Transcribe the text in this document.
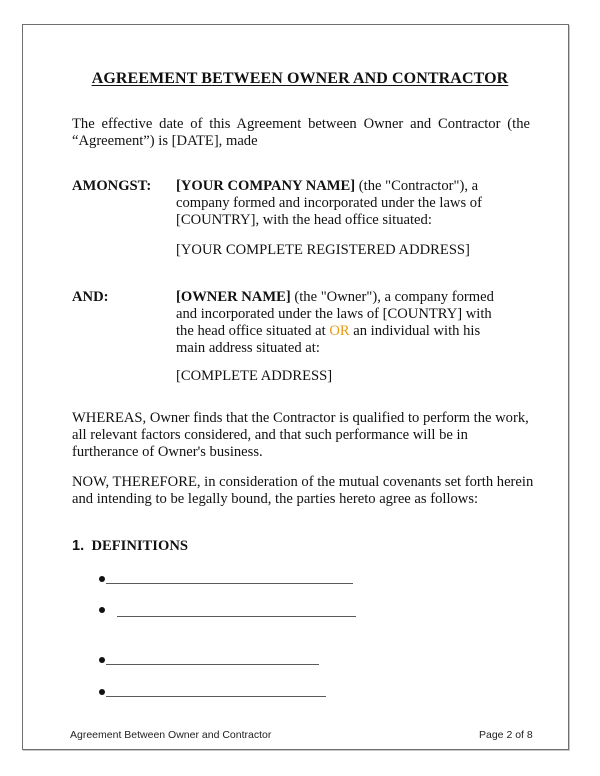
AGREEMENT BETWEEN OWNER AND CONTRACTOR
The effective date of this Agreement between Owner and Contractor (the “Agreement”) is [DATE], made
AMONGST: [YOUR COMPANY NAME] (the "Contractor"), a company formed and incorporated under the laws of [COUNTRY], with the head office situated:
[YOUR COMPLETE REGISTERED ADDRESS]
AND:	[OWNER NAME] (the "Owner"), a company formed and incorporated under the laws of [COUNTRY] with the head office situated at OR an individual with his main address situated at:
[COMPLETE ADDRESS]
WHEREAS, Owner finds that the Contractor is qualified to perform the work, all relevant factors considered, and that such performance will be in furtherance of Owner's business.
NOW, THEREFORE, in consideration of the mutual covenants set forth herein and intending to be legally bound, the parties hereto agree as follows:
1. DEFINITIONS
Agreement Between Owner and Contractor	Page 2 of 8
